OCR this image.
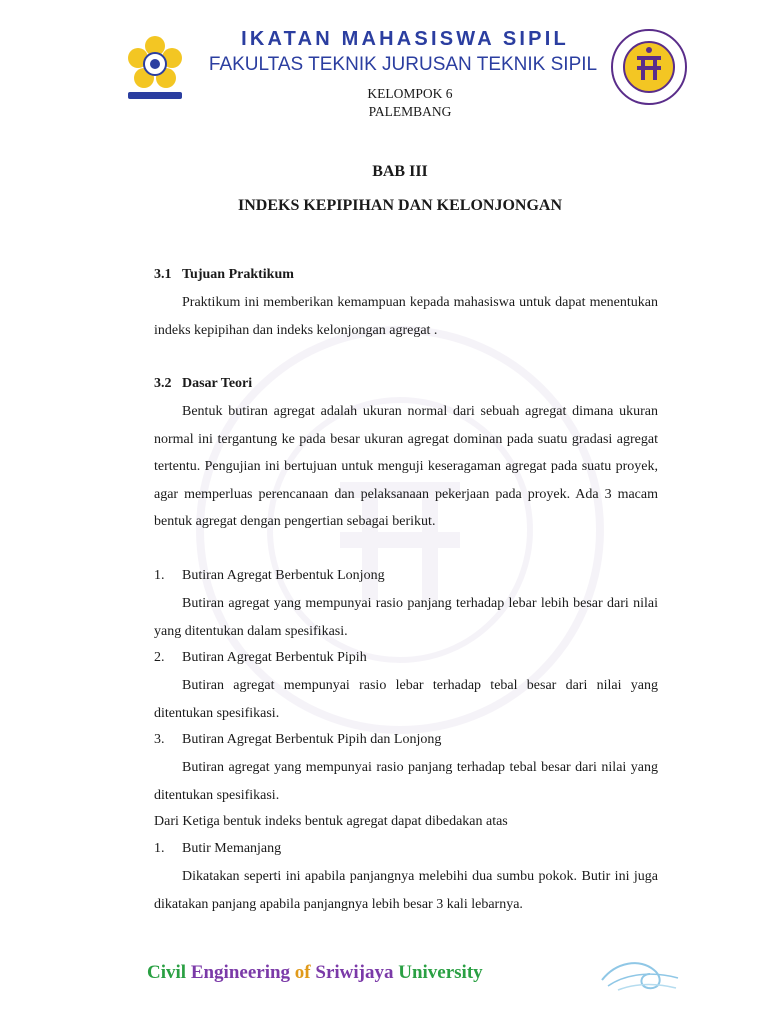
IKATAN MAHASISWA SIPIL
FAKULTAS TEKNIK JURUSAN TEKNIK SIPIL
KELOMPOK 6
PALEMBANG
BAB III
INDEKS KEPIPIHAN DAN KELONJONGAN
3.1 Tujuan Praktikum

Praktikum ini memberikan kemampuan kepada mahasiswa untuk dapat menentukan indeks kepipihan dan indeks kelonjongan agregat .

3.2 Dasar Teori

Bentuk butiran agregat adalah ukuran normal dari sebuah agregat dimana ukuran normal ini tergantung ke pada besar ukuran agregat dominan pada suatu gradasi agregat tertentu. Pengujian ini bertujuan untuk menguji keseragaman agregat pada suatu proyek, agar memperluas perencanaan dan pelaksanaan pekerjaan pada proyek. Ada 3 macam bentuk agregat dengan pengertian sebagai berikut.

1. Butiran Agregat Berbentuk Lonjong

Butiran agregat yang mempunyai rasio panjang terhadap lebar lebih besar dari nilai yang ditentukan dalam spesifikasi.

2. Butiran Agregat Berbentuk Pipih

Butiran agregat mempunyai rasio lebar terhadap tebal besar dari nilai yang ditentukan spesifikasi.

3. Butiran Agregat Berbentuk Pipih dan Lonjong

Butiran agregat yang mempunyai rasio panjang terhadap tebal besar dari nilai yang ditentukan spesifikasi.

Dari Ketiga bentuk indeks bentuk agregat dapat dibedakan atas
1. Butir Memanjang

Dikatakan seperti ini apabila panjangnya melebihi dua sumbu pokok. Butir ini juga dikatakan panjang apabila panjangnya lebih besar 3 kali lebarnya.

Civil Engineering of Sriwijaya University
